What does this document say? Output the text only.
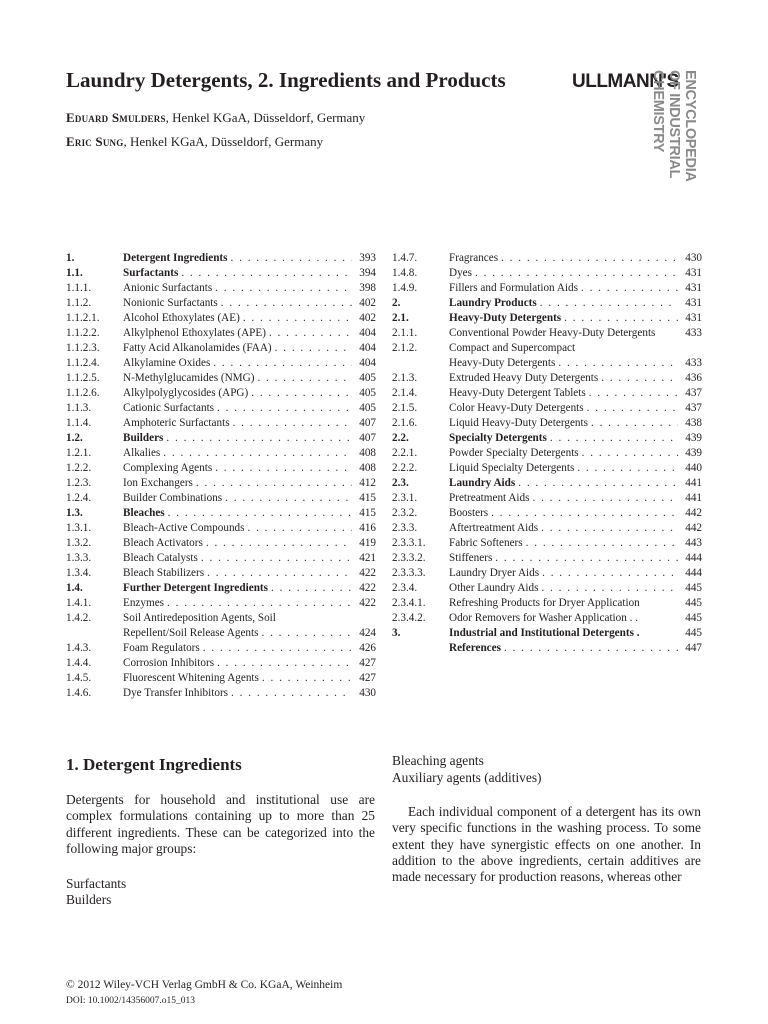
Laundry Detergents, 2. Ingredients and Products
Eduard Smulders, Henkel KGaA, Düsseldorf, Germany
Eric Sung, Henkel KGaA, Düsseldorf, Germany
ULLMANN'S ENCYCLOPEDIA
OF INDUSTRIAL
CHEMISTRY
1.	Detergent Ingredients . . .	393
1.1.	Surfactants . . .	394
1.1.1.	Anionic Surfactants . . .	398
1.1.2.	Nonionic Surfactants . . .	402
1.1.2.1.	Alcohol Ethoxylates (AE) . . .	402
1.1.2.2.	Alkylphenol Ethoxylates (APE) . . .	404
1.1.2.3.	Fatty Acid Alkanolamides (FAA) . . .	404
1.1.2.4.	Alkylamine Oxides . . .	404
1.1.2.5.	N-Methylglucamides (NMG) . . .	405
1.1.2.6.	Alkylpolyglycosides (APG) . . .	405
1.1.3.	Cationic Surfactants . . .	405
1.1.4.	Amphoteric Surfactants . . .	407
1.2.	Builders . . .	407
1.2.1.	Alkalies . . .	408
1.2.2.	Complexing Agents . . .	408
1.2.3.	Ion Exchangers . . .	412
1.2.4.	Builder Combinations . . .	415
1.3.	Bleaches . . .	415
1.3.1.	Bleach-Active Compounds . . .	416
1.3.2.	Bleach Activators . . .	419
1.3.3.	Bleach Catalysts . . .	421
1.3.4.	Bleach Stabilizers . . .	422
1.4.	Further Detergent Ingredients . . .	422
1.4.1.	Enzymes . . .	422
1.4.2.	Soil Antiredeposition Agents, Soil
Repellent/Soil Release Agents . . .	424
1.4.3.	Foam Regulators . . .	426
1.4.4.	Corrosion Inhibitors . . .	427
1.4.5.	Fluorescent Whitening Agents . . .	427
1.4.6.	Dye Transfer Inhibitors . . .	430
1.4.7.	Fragrances . . .	430
1.4.8.	Dyes . . .	431
1.4.9.	Fillers and Formulation Aids . . .	431
2.	Laundry Products . . .	431
2.1.	Heavy-Duty Detergents . . .	431
2.1.1.	Conventional Powder Heavy-Duty Detergents	433
2.1.2.	Compact and Supercompact
Heavy-Duty Detergents . . .	433
2.1.3.	Extruded Heavy Duty Detergents . . .	436
2.1.4.	Heavy-Duty Detergent Tablets . . .	437
2.1.5.	Color Heavy-Duty Detergents . . .	437
2.1.6.	Liquid Heavy-Duty Detergents . . .	438
2.2.	Specialty Detergents . . .	439
2.2.1.	Powder Specialty Detergents . . .	439
2.2.2.	Liquid Specialty Detergents . . .	440
2.3.	Laundry Aids . . .	441
2.3.1.	Pretreatment Aids . . .	441
2.3.2.	Boosters . . .	442
2.3.3.	Aftertreatment Aids . . .	442
2.3.3.1.	Fabric Softeners . . .	443
2.3.3.2.	Stiffeners . . .	444
2.3.3.3.	Laundry Dryer Aids . . .	444
2.3.4.	Other Laundry Aids . . .	445
2.3.4.1.	Refreshing Products for Dryer Application	445
2.3.4.2.	Odor Removers for Washer Application . .	445
3.	Industrial and Institutional Detergents .	445
References . . .	447
1. Detergent Ingredients

Detergents for household and institutional use are complex formulations containing up to more than 25 different ingredients. These can be categorized into the following major groups:

Surfactants
Builders
Bleaching agents
Auxiliary agents (additives)

Each individual component of a detergent has its own very specific functions in the washing process. To some extent they have synergistic effects on one another. In addition to the above ingredients, certain additives are made necessary for production reasons, whereas other

© 2012 Wiley-VCH Verlag GmbH & Co. KGaA, Weinheim
DOI: 10.1002/14356007.o15_013
